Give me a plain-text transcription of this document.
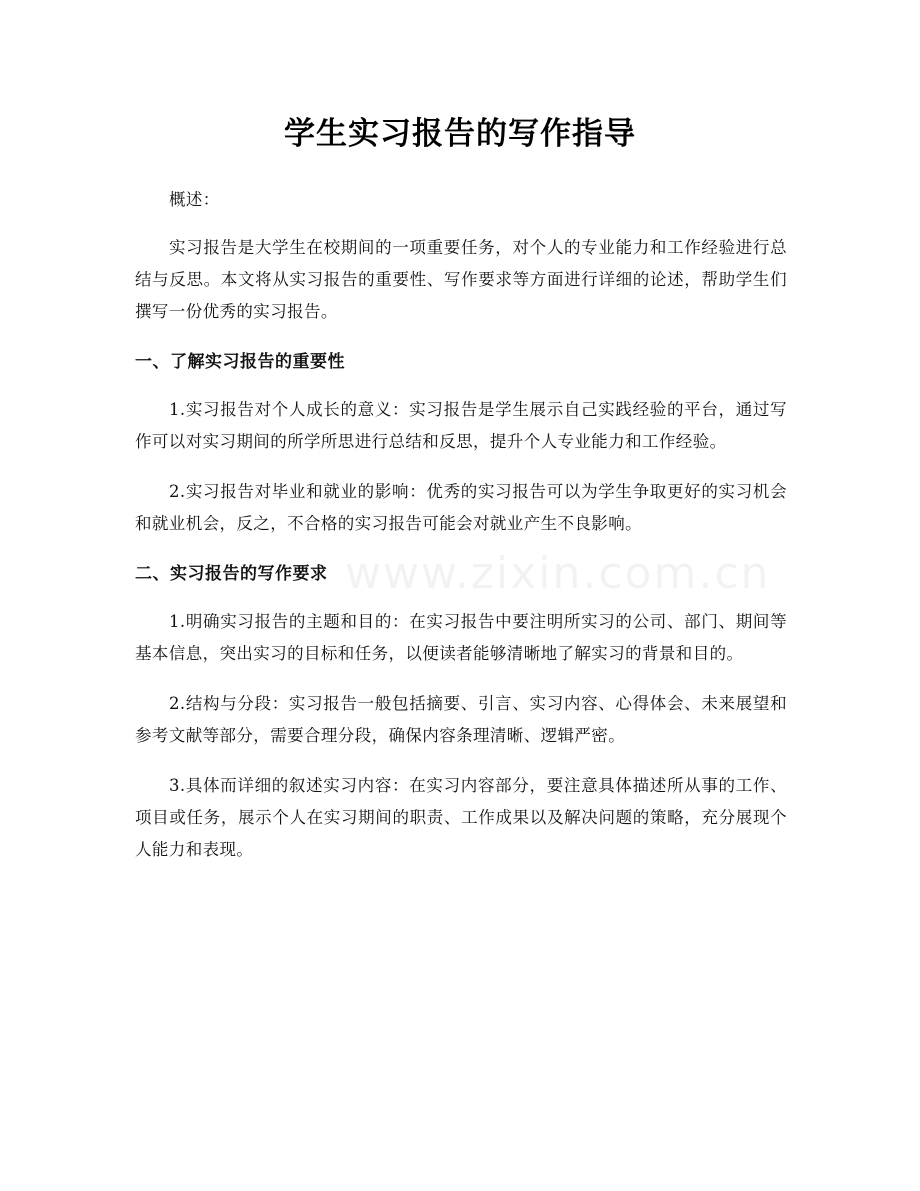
学生实习报告的写作指导

概述：

实习报告是大学生在校期间的一项重要任务，对个人的专业能力和工作经验进行总结与反思。本文将从实习报告的重要性、写作要求等方面进行详细的论述，帮助学生们撰写一份优秀的实习报告。

一、了解实习报告的重要性

1.实习报告对个人成长的意义：实习报告是学生展示自己实践经验的平台，通过写作可以对实习期间的所学所思进行总结和反思，提升个人专业能力和工作经验。

2.实习报告对毕业和就业的影响：优秀的实习报告可以为学生争取更好的实习机会和就业机会，反之，不合格的实习报告可能会对就业产生不良影响。

二、实习报告的写作要求

1.明确实习报告的主题和目的：在实习报告中要注明所实习的公司、部门、期间等基本信息，突出实习的目标和任务，以便读者能够清晰地了解实习的背景和目的。

2.结构与分段：实习报告一般包括摘要、引言、实习内容、心得体会、未来展望和参考文献等部分，需要合理分段，确保内容条理清晰、逻辑严密。

3.具体而详细的叙述实习内容：在实习内容部分，要注意具体描述所从事的工作、项目或任务，展示个人在实习期间的职责、工作成果以及解决问题的策略，充分展现个人能力和表现。

www.zixin.com.cn
